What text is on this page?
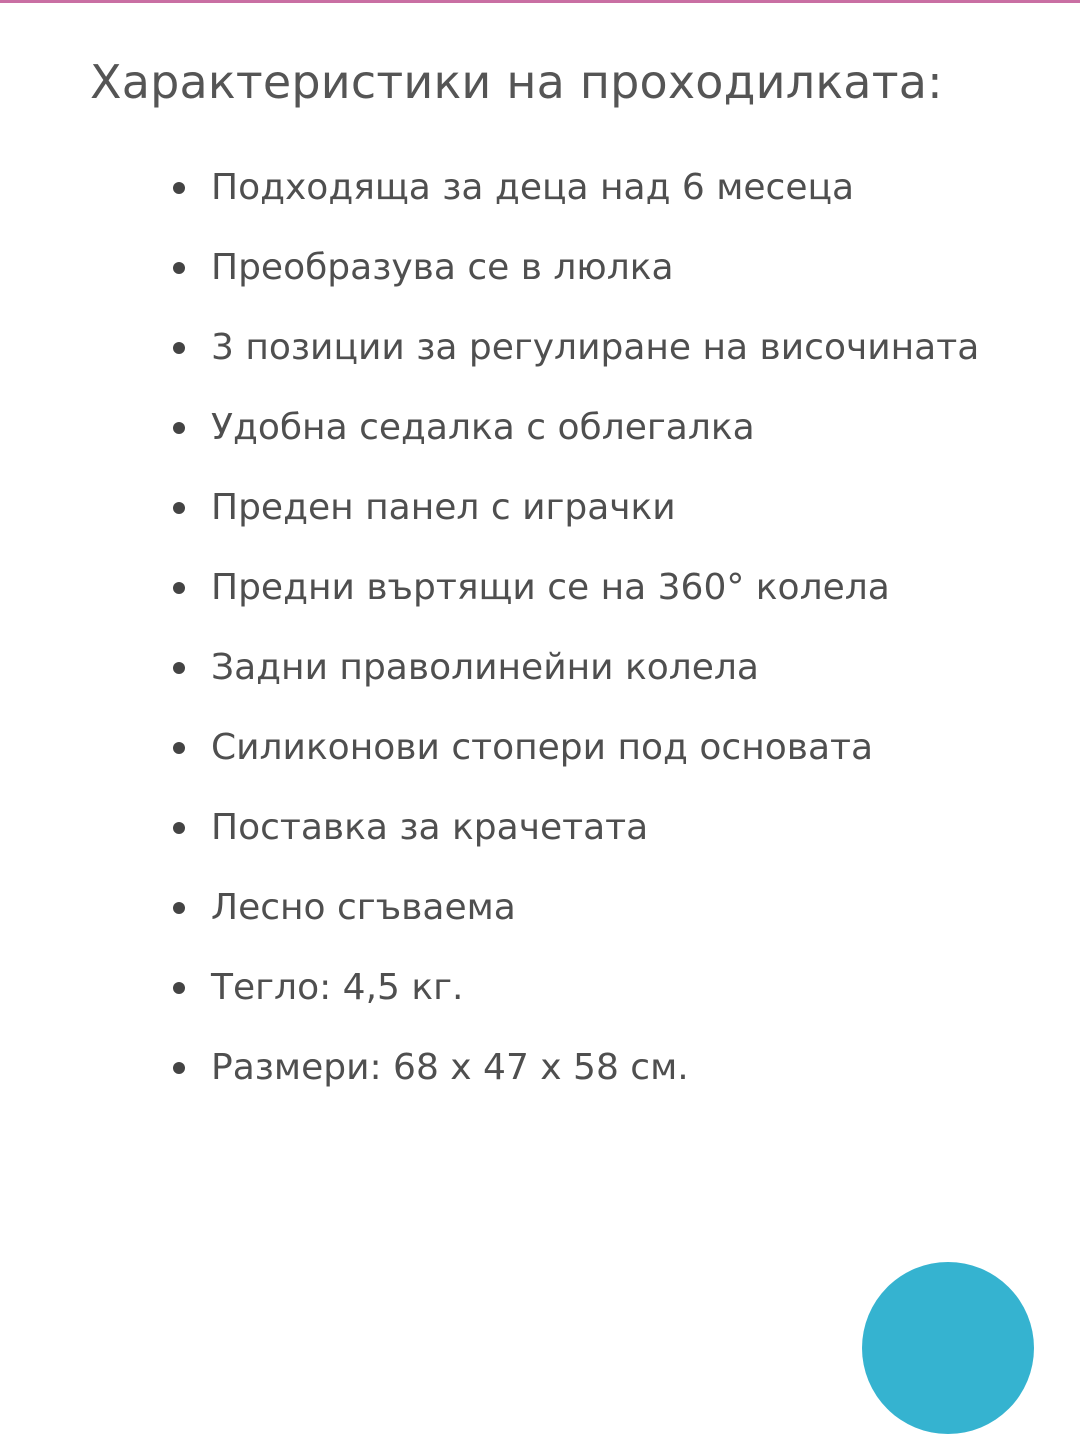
Характеристики на проходилката:
Подходяща за деца над 6 месеца
Преобразува се в люлка
3 позиции за регулиране на височината
Удобна седалка с облегалка
Преден панел с играчки
Предни въртящи се на 360° колела
Задни праволинейни колела
Силиконови стопери под основата
Поставка за крачетата
Лесно сгъваема
Тегло: 4,5 кг.
Размери: 68 x 47 x 58 см.
